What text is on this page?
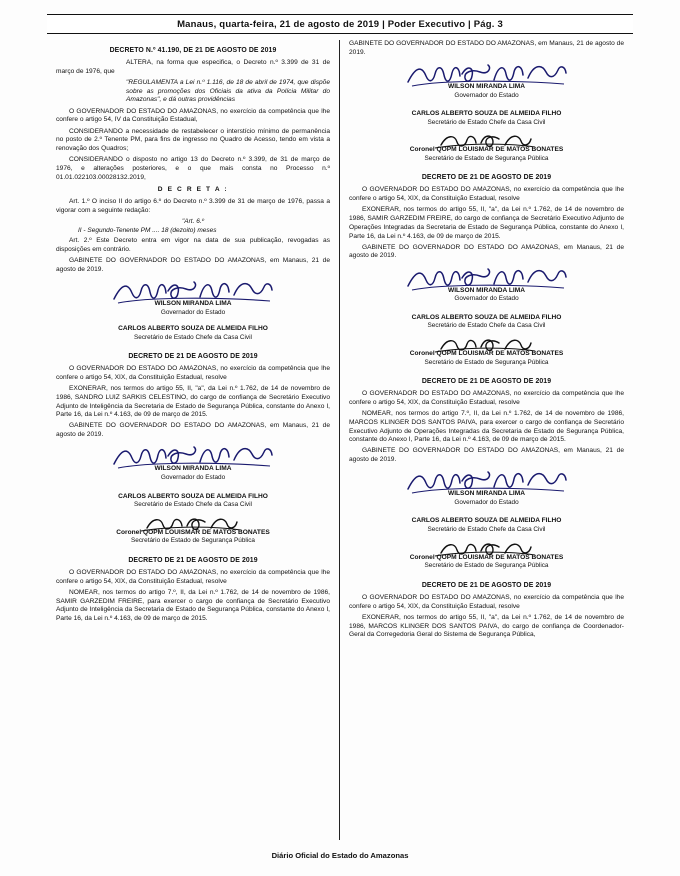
Manaus, quarta-feira, 21 de agosto de 2019 | Poder Executivo | Pág. 3

DECRETO N.º 41.190, DE 21 DE AGOSTO DE 2019

ALTERA, na forma que especifica, o Decreto n.º 3.399 de 31 de março de 1976, que

"REGULAMENTA a Lei n.º 1.116, de 18 de abril de 1974, que dispõe sobre as promoções dos Oficiais da ativa da Polícia Militar do Amazonas", e dá outras providências

O GOVERNADOR DO ESTADO DO AMAZONAS, no exercício da competência que lhe confere o artigo 54, IV da Constituição Estadual,

CONSIDERANDO a necessidade de restabelecer o interstício mínimo de permanência no posto de 2.º Tenente PM, para fins de ingresso no Quadro de Acesso, tendo em vista a renovação dos Quadros;

CONSIDERANDO o disposto no artigo 13 do Decreto n.º 3.399, de 31 de março de 1976, e alterações posteriores, e o que mais consta no Processo n.º 01.01.022103.00028132.2019,

D E C R E T A :

Art. 1.º O inciso II do artigo 6.º do Decreto n.º 3.399 de 31 de março de 1976, passa a vigorar com a seguinte redação:

"Art. 6.º

II - Segundo-Tenente PM .... 18 (dezoito) meses

Art. 2.º Este Decreto entra em vigor na data de sua publicação, revogadas as disposições em contrário.

GABINETE DO GOVERNADOR DO ESTADO DO AMAZONAS, em Manaus, 21 de agosto de 2019.

WILSON MIRANDA LIMA

Governador do Estado

CARLOS ALBERTO SOUZA DE ALMEIDA FILHO

Secretário de Estado Chefe da Casa Civil

DECRETO DE 21 DE AGOSTO DE 2019

O GOVERNADOR DO ESTADO DO AMAZONAS, no exercício da competência que lhe confere o artigo 54, XIX, da Constituição Estadual, resolve

EXONERAR, nos termos do artigo 55, II, "a", da Lei n.º 1.762, de 14 de novembro de 1986, SANDRO LUIZ SARKIS CELESTINO, do cargo de confiança de Secretário Executivo Adjunto de Inteligência da Secretaria de Estado de Segurança Pública, constante do Anexo I, Parte 16, da Lei n.º 4.163, de 09 de março de 2015.

GABINETE DO GOVERNADOR DO ESTADO DO AMAZONAS, em Manaus, 21 de agosto de 2019.

WILSON MIRANDA LIMA

Governador do Estado

CARLOS ALBERTO SOUZA DE ALMEIDA FILHO

Secretário de Estado Chefe da Casa Civil

Coronel QOPM LOUISMAR DE MATOS BONATES

Secretário de Estado de Segurança Pública

DECRETO DE 21 DE AGOSTO DE 2019

O GOVERNADOR DO ESTADO DO AMAZONAS, no exercício da competência que lhe confere o artigo 54, XIX, da Constituição Estadual, resolve

NOMEAR, nos termos do artigo 7.º, II, da Lei n.º 1.762, de 14 de novembro de 1986, SAMIR GARZEDIM FREIRE, para exercer o cargo de confiança de Secretário Executivo Adjunto de Inteligência da Secretaria de Estado de Segurança Pública, constante do Anexo I, Parte 16, da Lei n.º 4.163, de 09 de março de 2015.

GABINETE DO GOVERNADOR DO ESTADO DO AMAZONAS, em Manaus, 21 de agosto de 2019.

WILSON MIRANDA LIMA

Governador do Estado

CARLOS ALBERTO SOUZA DE ALMEIDA FILHO

Secretário de Estado Chefe da Casa Civil

Coronel QOPM LOUISMAR DE MATOS BONATES

Secretário de Estado de Segurança Pública

DECRETO DE 21 DE AGOSTO DE 2019

O GOVERNADOR DO ESTADO DO AMAZONAS, no exercício da competência que lhe confere o artigo 54, XIX, da Constituição Estadual, resolve

EXONERAR, nos termos do artigo 55, II, "a", da Lei n.º 1.762, de 14 de novembro de 1986, SAMIR GARZEDIM FREIRE, do cargo de confiança de Secretário Executivo Adjunto de Operações Integradas da Secretaria de Estado de Segurança Pública, constante do Anexo I, Parte 16, da Lei n.º 4.163, de 09 de março de 2015.

GABINETE DO GOVERNADOR DO ESTADO DO AMAZONAS, em Manaus, 21 de agosto de 2019.

WILSON MIRANDA LIMA

Governador do Estado

CARLOS ALBERTO SOUZA DE ALMEIDA FILHO

Secretário de Estado Chefe da Casa Civil

Coronel QOPM LOUISMAR DE MATOS BONATES

Secretário de Estado de Segurança Pública

DECRETO DE 21 DE AGOSTO DE 2019

O GOVERNADOR DO ESTADO DO AMAZONAS, no exercício da competência que lhe confere o artigo 54, XIX, da Constituição Estadual, resolve

NOMEAR, nos termos do artigo 7.º, II, da Lei n.º 1.762, de 14 de novembro de 1986, MARCOS KLINGER DOS SANTOS PAIVA, para exercer o cargo de confiança de Secretário Executivo Adjunto de Operações Integradas da Secretaria de Estado de Segurança Pública, constante do Anexo I, Parte 16, da Lei n.º 4.163, de 09 de março de 2015.

GABINETE DO GOVERNADOR DO ESTADO DO AMAZONAS, em Manaus, 21 de agosto de 2019.

WILSON MIRANDA LIMA

Governador do Estado

CARLOS ALBERTO SOUZA DE ALMEIDA FILHO

Secretário de Estado Chefe da Casa Civil

Coronel QOPM LOUISMAR DE MATOS BONATES

Secretário de Estado de Segurança Pública

DECRETO DE 21 DE AGOSTO DE 2019

O GOVERNADOR DO ESTADO DO AMAZONAS, no exercício da competência que lhe confere o artigo 54, XIX, da Constituição Estadual, resolve

EXONERAR, nos termos do artigo 55, II, "a", da Lei n.º 1.762, de 14 de novembro de 1986, MARCOS KLINGER DOS SANTOS PAIVA, do cargo de confiança de Coordenador-Geral da Corregedoria Geral do Sistema de Segurança Pública,

Diário Oficial do Estado do Amazonas
